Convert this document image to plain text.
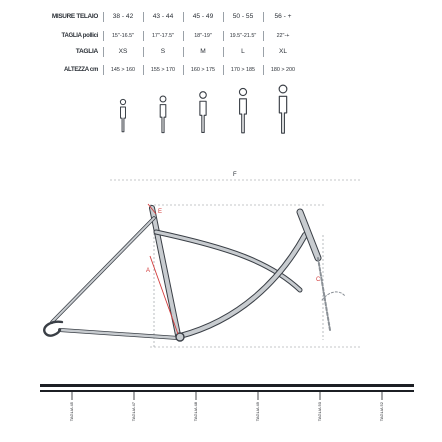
MISURE TELAIO	38 - 42	43 - 44	45 - 49	50 - 55	56 - +
TAGLIA pollici	15"-16.5"	17"-17.5"	18"-19"	19.5"-21.5"	22"-+
TAGLIA	XS	S	M	L	XL
ALTEZZA cm	145 > 160	155 > 170	160 > 175	170 > 185	180 > 200
A
E
C
F
TAGLIA 45	TAGLIA 47	TAGLIA 48	TAGLIA 49	TAGLIA 50	TAGLIA 52
